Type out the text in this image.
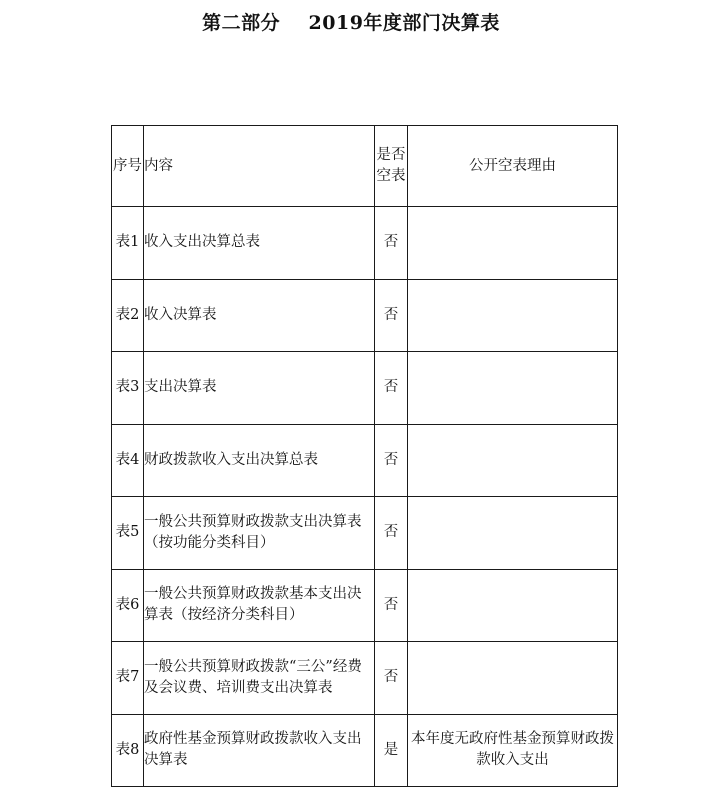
第二部分    2019年度部门决算表
序号	内容	是否空表	公开空表理由
表1	收入支出决算总表	否	
表2	收入决算表	否	
表3	支出决算表	否	
表4	财政拨款收入支出决算总表	否	
表5	一般公共预算财政拨款支出决算表（按功能分类科目）	否	
表6	一般公共预算财政拨款基本支出决算表（按经济分类科目）	否	
表7	一般公共预算财政拨款“三公”经费及会议费、培训费支出决算表	否	
表8	政府性基金预算财政拨款收入支出决算表	是	本年度无政府性基金预算财政拨款收入支出
